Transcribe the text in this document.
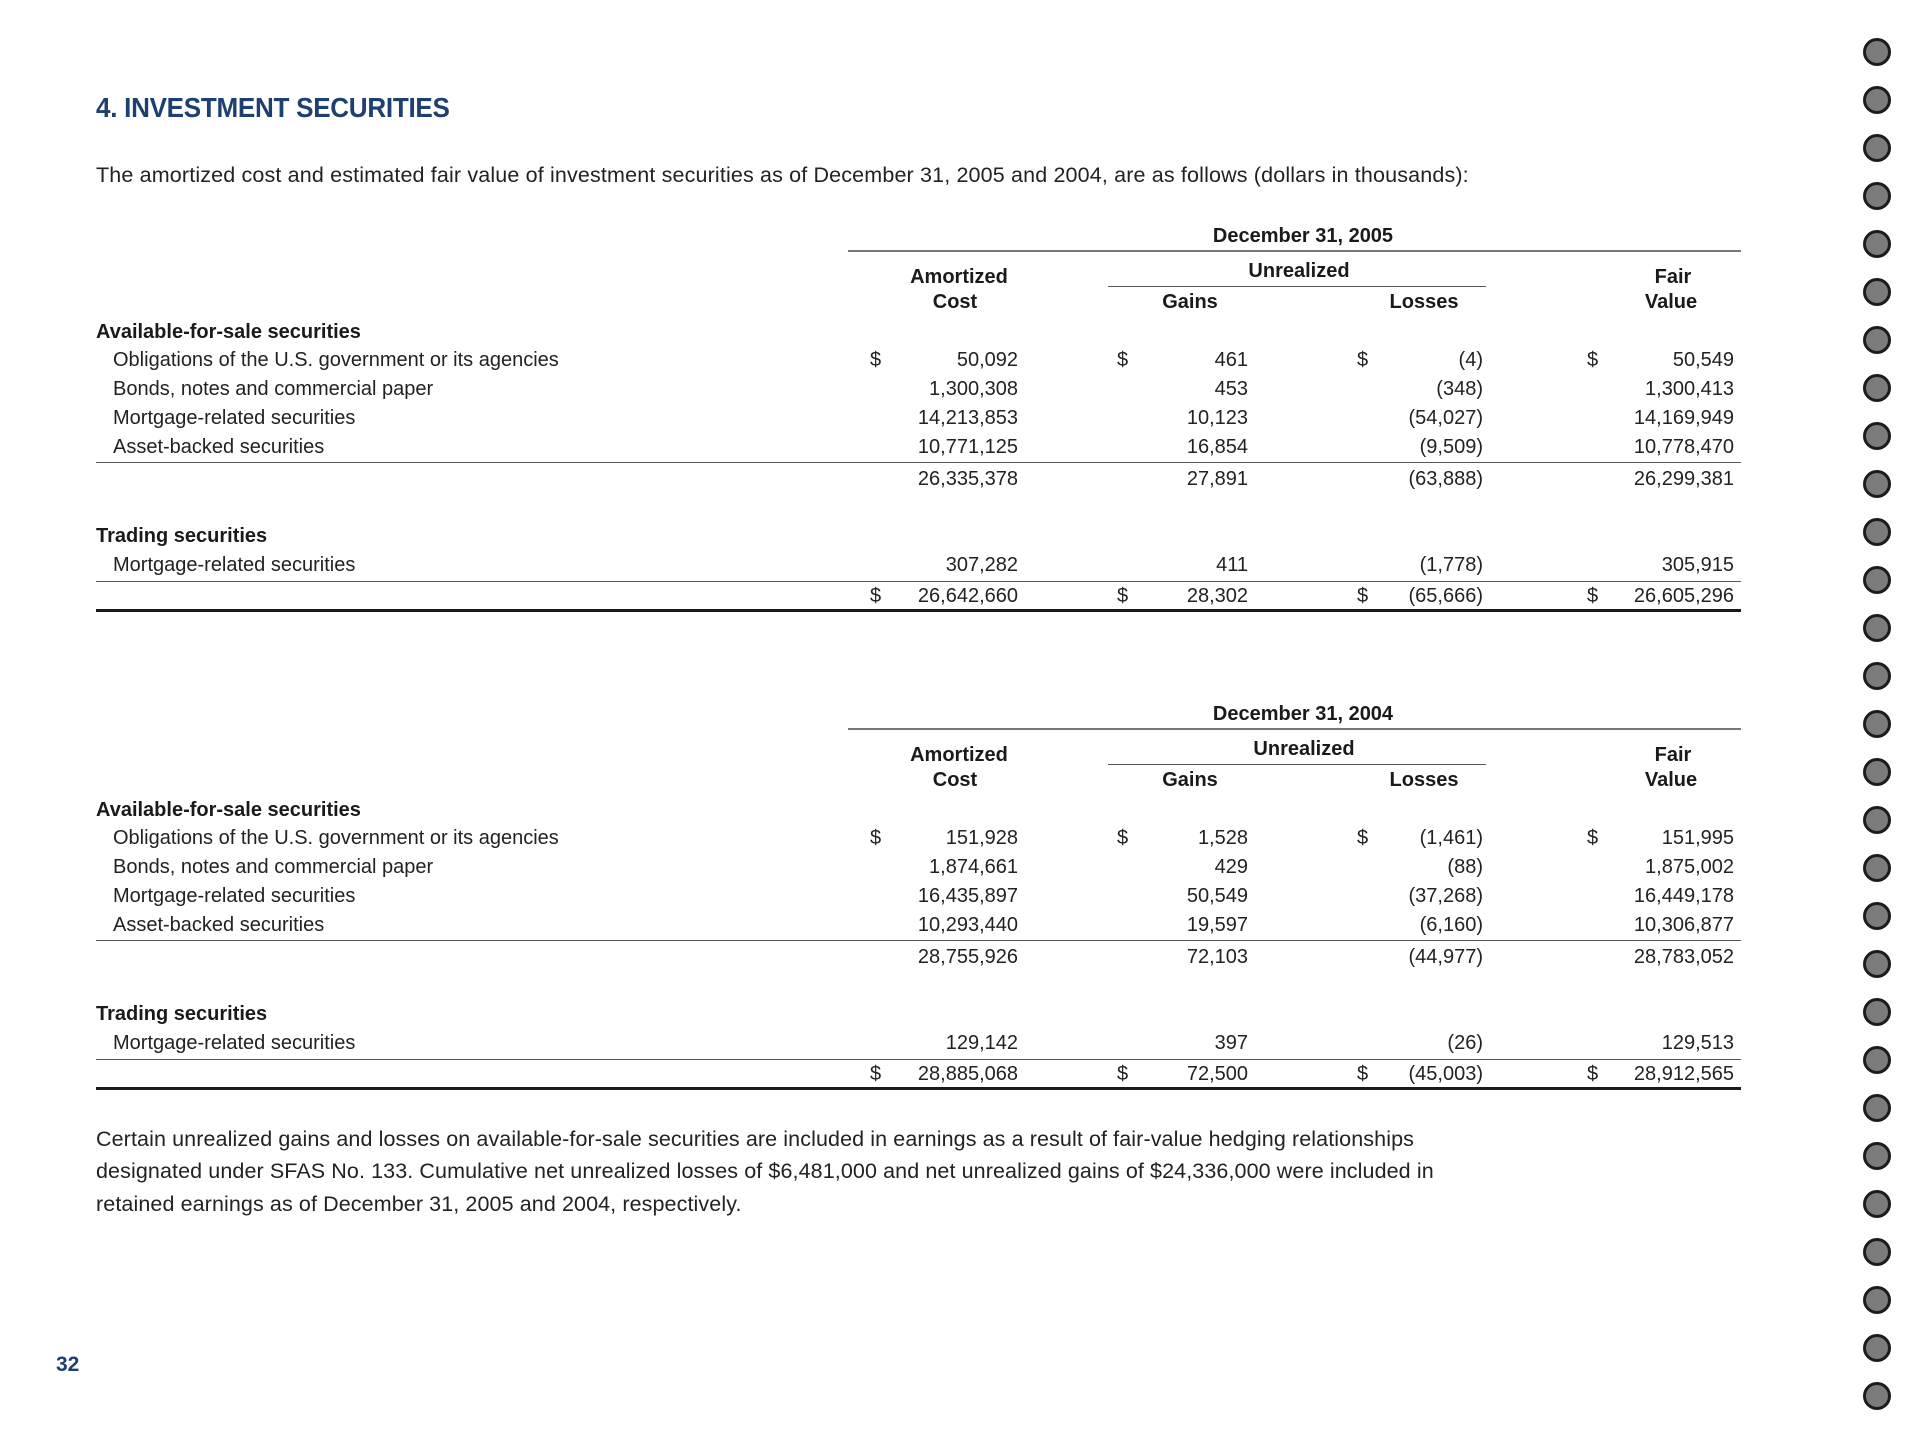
4. INVESTMENT SECURITIES
The amortized cost and estimated fair value of investment securities as of December 31, 2005 and 2004, are as follows (dollars in thousands):
December 31, 2005
Amortized
Cost
Unrealized
Gains	Losses
Fair
Value
Available-for-sale securities
Obligations of the U.S. government or its agencies	$	50,092	$	461	$	(4)	$	50,549
Bonds, notes and commercial paper	1,300,308	453	(348)	1,300,413
Mortgage-related securities	14,213,853	10,123	(54,027)	14,169,949
Asset-backed securities	10,771,125	16,854	(9,509)	10,778,470
26,335,378	27,891	(63,888)	26,299,381
Trading securities
Mortgage-related securities	307,282	411	(1,778)	305,915
$ 26,642,660	$	28,302	$ (65,666)	$ 26,605,296
December 31, 2004
Amortized
Cost
Unrealized
Gains	Losses
Fair
Value
Available-for-sale securities
Obligations of the U.S. government or its agencies	$	151,928	$	1,528	$	(1,461)	$	151,995
Bonds, notes and commercial paper	1,874,661	429	(88)	1,875,002
Mortgage-related securities	16,435,897	50,549	(37,268)	16,449,178
Asset-backed securities	10,293,440	19,597	(6,160)	10,306,877
28,755,926	72,103	(44,977)	28,783,052
Trading securities
Mortgage-related securities	129,142	397	(26)	129,513
$ 28,885,068	$	72,500	$ (45,003)	$ 28,912,565
Certain unrealized gains and losses on available-for-sale securities are included in earnings as a result of fair-value hedging relationships
designated under SFAS No. 133. Cumulative net unrealized losses of $6,481,000 and net unrealized gains of $24,336,000 were included in
retained earnings as of December 31, 2005 and 2004, respectively.
32
